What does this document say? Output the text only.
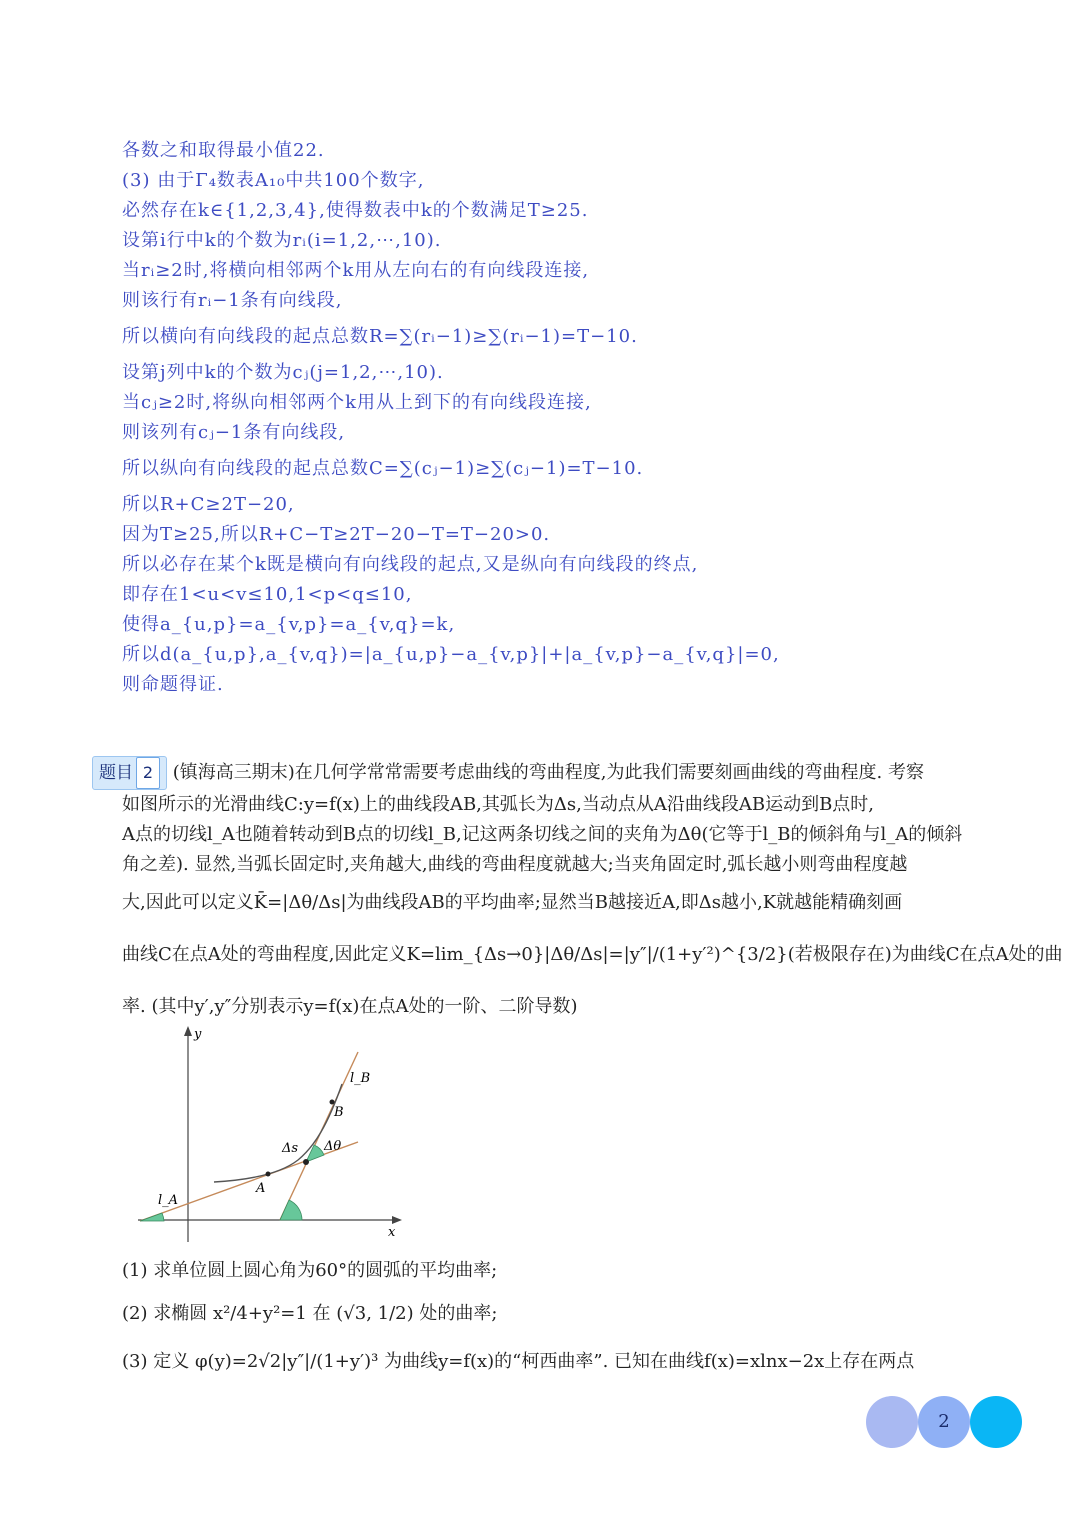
各数之和取得最小值22.
(3) 由于Γ₄数表A₁₀中共100个数字,
必然存在k∈{1,2,3,4},使得数表中k的个数满足T≥25.
设第i行中k的个数为rᵢ(i=1,2,⋯,10).
当rᵢ≥2时,将横向相邻两个k用从左向右的有向线段连接,
则该行有rᵢ−1条有向线段,
所以横向有向线段的起点总数R=∑(rᵢ−1)≥∑(rᵢ−1)=T−10.
设第j列中k的个数为cⱼ(j=1,2,⋯,10).
当cⱼ≥2时,将纵向相邻两个k用从上到下的有向线段连接,
则该列有cⱼ−1条有向线段,
所以纵向有向线段的起点总数C=∑(cⱼ−1)≥∑(cⱼ−1)=T−10.
所以R+C≥2T−20,
因为T≥25,所以R+C−T≥2T−20−T=T−20>0.
所以必存在某个k既是横向有向线段的起点,又是纵向有向线段的终点,
即存在1<u<v≤10,1<p<q≤10,
使得a_{u,p}=a_{v,p}=a_{v,q}=k,
所以d(a_{u,p},a_{v,q})=|a_{u,p}−a_{v,p}|+|a_{v,p}−a_{v,q}|=0,
则命题得证.
题目 2 (镇海高三期末)在几何学常常需要考虑曲线的弯曲程度,为此我们需要刻画曲线的弯曲程度. 考察
如图所示的光滑曲线C:y=f(x)上的曲线段AB,其弧长为Δs,当动点从A沿曲线段AB运动到B点时,
A点的切线l_A也随着转动到B点的切线l_B,记这两条切线之间的夹角为Δθ(它等于l_B的倾斜角与l_A的倾斜
角之差). 显然,当弧长固定时,夹角越大,曲线的弯曲程度就越大;当夹角固定时,弧长越小则弯曲程度越
大,因此可以定义K̄=|Δθ/Δs|为曲线段AB的平均曲率;显然当B越接近A,即Δs越小,K就越能精确刻画
曲线C在点A处的弯曲程度,因此定义K=lim_{Δs→0}|Δθ/Δs|=|y″|/(1+y′²)^{3/2}(若极限存在)为曲线C在点A处的曲
率. (其中y′,y″分别表示y=f(x)在点A处的一阶、二阶导数)
y
x
l_B
B
Δs Δθ
A
l_A
(1) 求单位圆上圆心角为60°的圆弧的平均曲率;
(2) 求椭圆 x²/4+y²=1 在 (√3, 1/2) 处的曲率;
(3) 定义 φ(y)=2√2|y″|/(1+y′)³ 为曲线y=f(x)的“柯西曲率”. 已知在曲线f(x)=xlnx−2x上存在两点
2
